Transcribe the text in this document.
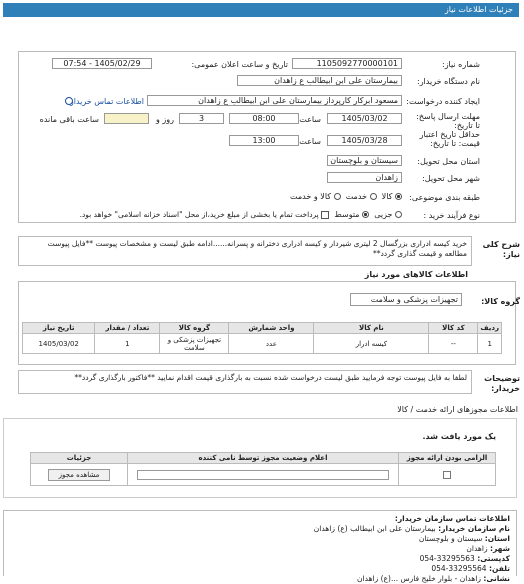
جزئیات اطلاعات نیاز
شماره نیاز:
1105092770000101
تاریخ و ساعت اعلان عمومی:
1405/02/29 - 07:54
نام دستگاه خریدار:
بیمارستان علی ابن ابیطالب ع زاهدان
ایجاد کننده درخواست:
مسعود ابرکار کارپرداز بیمارستان علی ابن ابیطالب ع زاهدان
اطلاعات تماس خریدار
مهلت ارسال پاسخ: تا تاریخ:
1405/03/02
ساعت
08:00
3
روز و
ساعت باقی مانده
حداقل تاریخ اعتبار قیمت: تا تاریخ:
1405/03/28
ساعت
13:00
استان محل تحویل:
سیستان و بلوچستان
شهر محل تحویل:
زاهدان
طبقه بندی موضوعی:
کالا   خدمت   کالا و خدمت
نوع فرآیند خرید :
جزیی   متوسط   پرداخت تمام یا بخشی از مبلغ خرید،از محل "اسناد خزانه اسلامی" خواهد بود.
شرح کلی نیاز:
خرید کیسه ادراری بزرگسال 2 لیتری شیردار و کیسه ادراری دخترانه و پسرانه......ادامه طبق لیست و مشخصات پیوست **فایل پیوست مطالعه و قیمت گذاری گردد**
اطلاعات کالاهای مورد نیاز
گروه کالا:
تجهیزات پزشکی و سلامت
ردیف	کد کالا	نام کالا	واحد شمارش	گروه کالا	تعداد / مقدار	تاریخ نیاز
1	--	کیسه ادرار	عدد	تجهیزات پزشکی و سلامت	1	1405/03/02
توضیحات خریدار:
لطفا به فایل پیوست توجه فرمایید طبق لیست درخواست شده نسبت به بارگذاری قیمت اقدام نمایید **فاکتور بارگذاری گردد**
اطلاعات مجوزهای ارائه خدمت / کالا
یک مورد یافت شد.
الزامی بودن ارائه مجوز	اعلام وضعیت مجوز توسط نامی کننده	جزئیات

		مشاهده مجوز
اطلاعات تماس سازمان خریدار:
نام سازمان خریدار: بیمارستان علی ابن ابیطالب (ع) زاهدان
استان: سیستان و بلوچستان
شهر: زاهدان
کدپستی: 33295563-054
تلفن: 33295564-054
نشانی: زاهدان - بلوار خلیج فارس ...(ع) زاهدان
